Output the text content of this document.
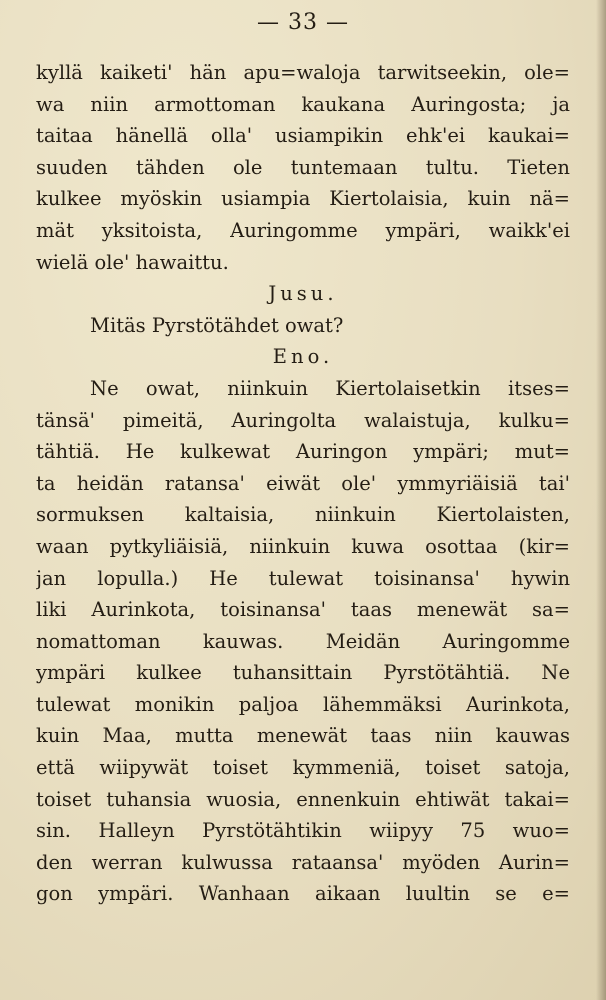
— 33 —
kyllä kaiketi' hän apu=waloja tarwitseekin, ole=
wa niin armottoman kaukana Auringosta; ja
taitaa hänellä olla' usiampikin ehk'ei kaukai=
suuden tähden ole tuntemaan tultu. Tieten
kulkee myöskin usiampia Kiertolaisia, kuin nä=
mät yksitoista, Auringomme ympäri, waikk'ei
wielä ole' hawaittu.
Jusu.
Mitäs Pyrstötähdet owat?
Eno.
Ne owat, niinkuin Kiertolaisetkin itses=
tänsä' pimeitä, Auringolta walaistuja, kulku=
tähtiä. He kulkewat Auringon ympäri; mut=
ta heidän ratansa' eiwät ole' ymmyriäisiä tai'
sormuksen kaltaisia, niinkuin Kiertolaisten,
waan pytkyliäisiä, niinkuin kuwa osottaa (kir=
jan lopulla.) He tulewat toisinansa' hywin
liki Aurinkota, toisinansa' taas menewät sa=
nomattoman kauwas. Meidän Auringomme
ympäri kulkee tuhansittain Pyrstötähtiä. Ne
tulewat monikin paljoa lähemmäksi Aurinkota,
kuin Maa, mutta menewät taas niin kauwas
että wiipywät toiset kymmeniä, toiset satoja,
toiset tuhansia wuosia, ennenkuin ehtiwät takai=
sin. Halleyn Pyrstötähtikin wiipyy 75 wuo=
den werran kulwussa rataansa' myöden Aurin=
gon ympäri. Wanhaan aikaan luultin se e=
